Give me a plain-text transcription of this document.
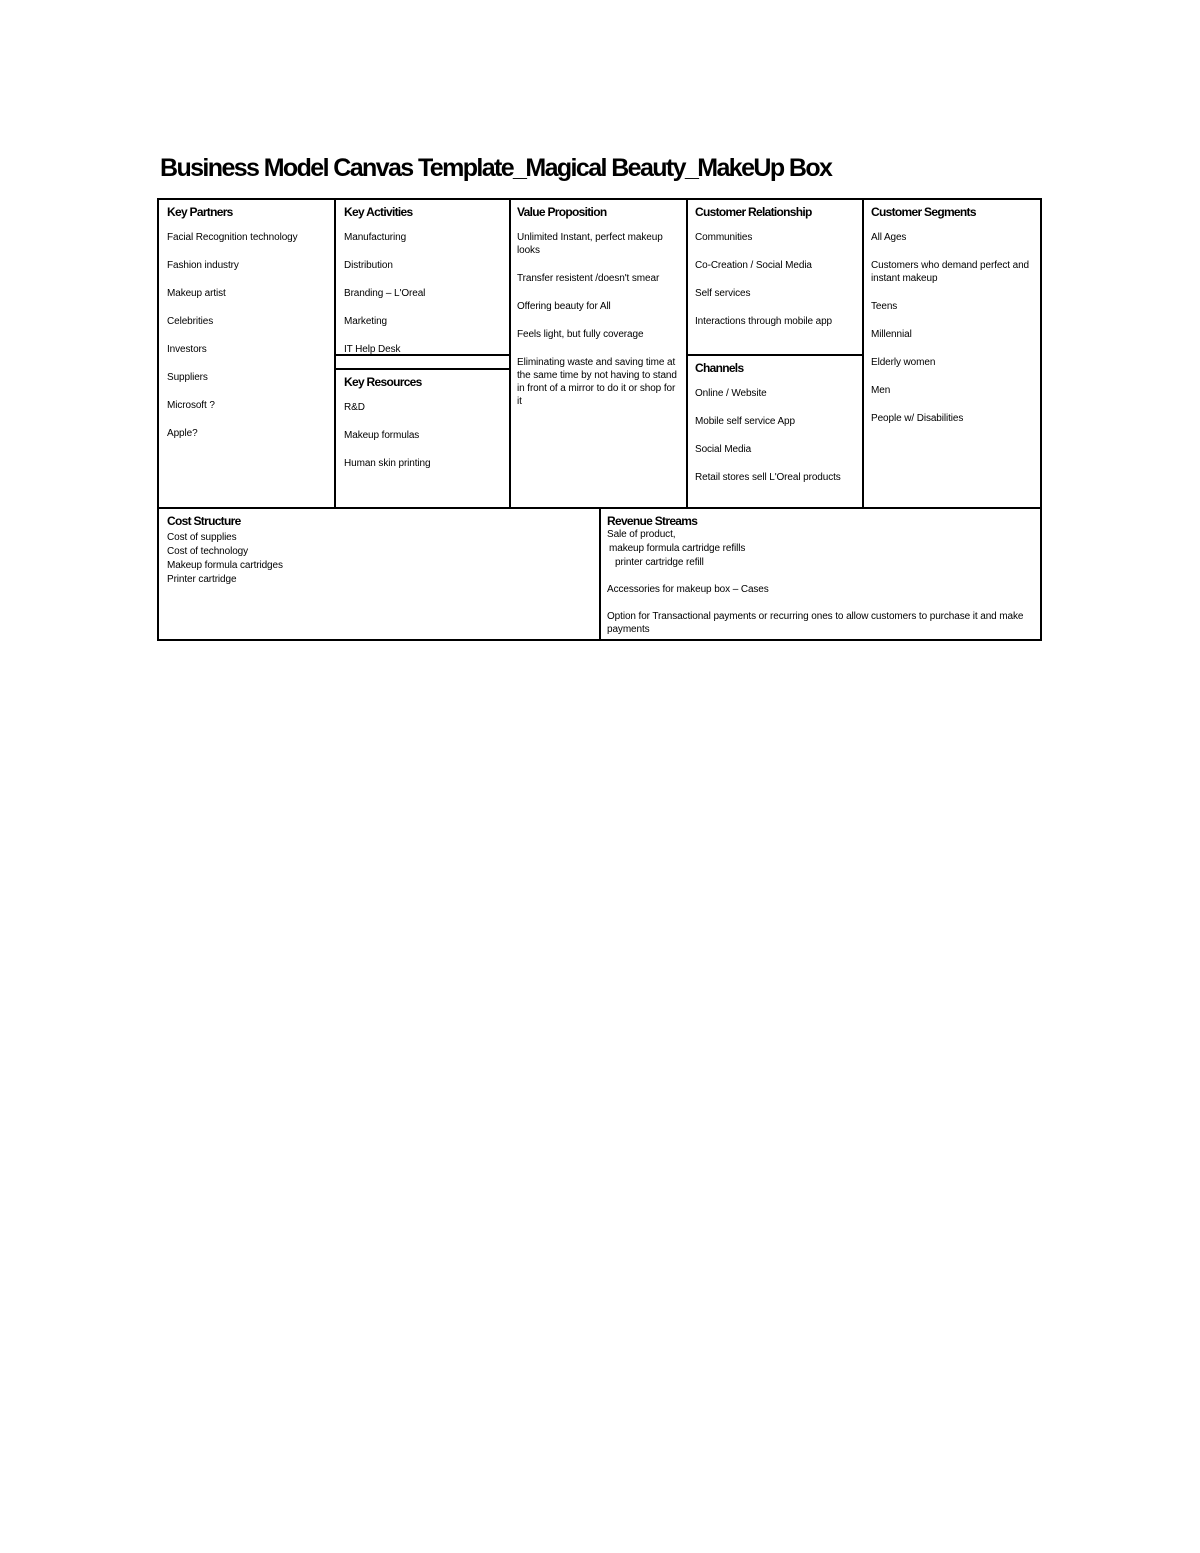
Business Model Canvas Template_Magical Beauty_MakeUp Box
Key Partners
Facial Recognition technology
Fashion industry
Makeup artist
Celebrities
Investors
Suppliers
Microsoft ?
Apple?
Key Activities
Manufacturing
Distribution
Branding – L'Oreal
Marketing
IT Help Desk
Key Resources
R&D
Makeup formulas
Human skin printing
Value Proposition
Unlimited Instant, perfect makeup looks
Transfer resistent /doesn't smear
Offering beauty for All
Feels light, but fully coverage
Eliminating waste and saving time at the same time by not having to stand in front of a mirror to do it or shop for it
Customer Relationship
Communities
Co-Creation / Social Media
Self services
Interactions through mobile app
Channels
Online / Website
Mobile self service App
Social Media
Retail stores sell L'Oreal products
Customer Segments
All Ages
Customers who demand perfect and instant makeup
Teens
Millennial
Elderly women
Men
People w/ Disabilities
Cost Structure
Cost of supplies
Cost of technology
Makeup formula cartridges
Printer cartridge
Revenue Streams
Sale of product,
makeup formula cartridge refills
printer cartridge refill
Accessories for makeup box – Cases
Option for Transactional payments or recurring ones to allow customers to purchase it and make payments
